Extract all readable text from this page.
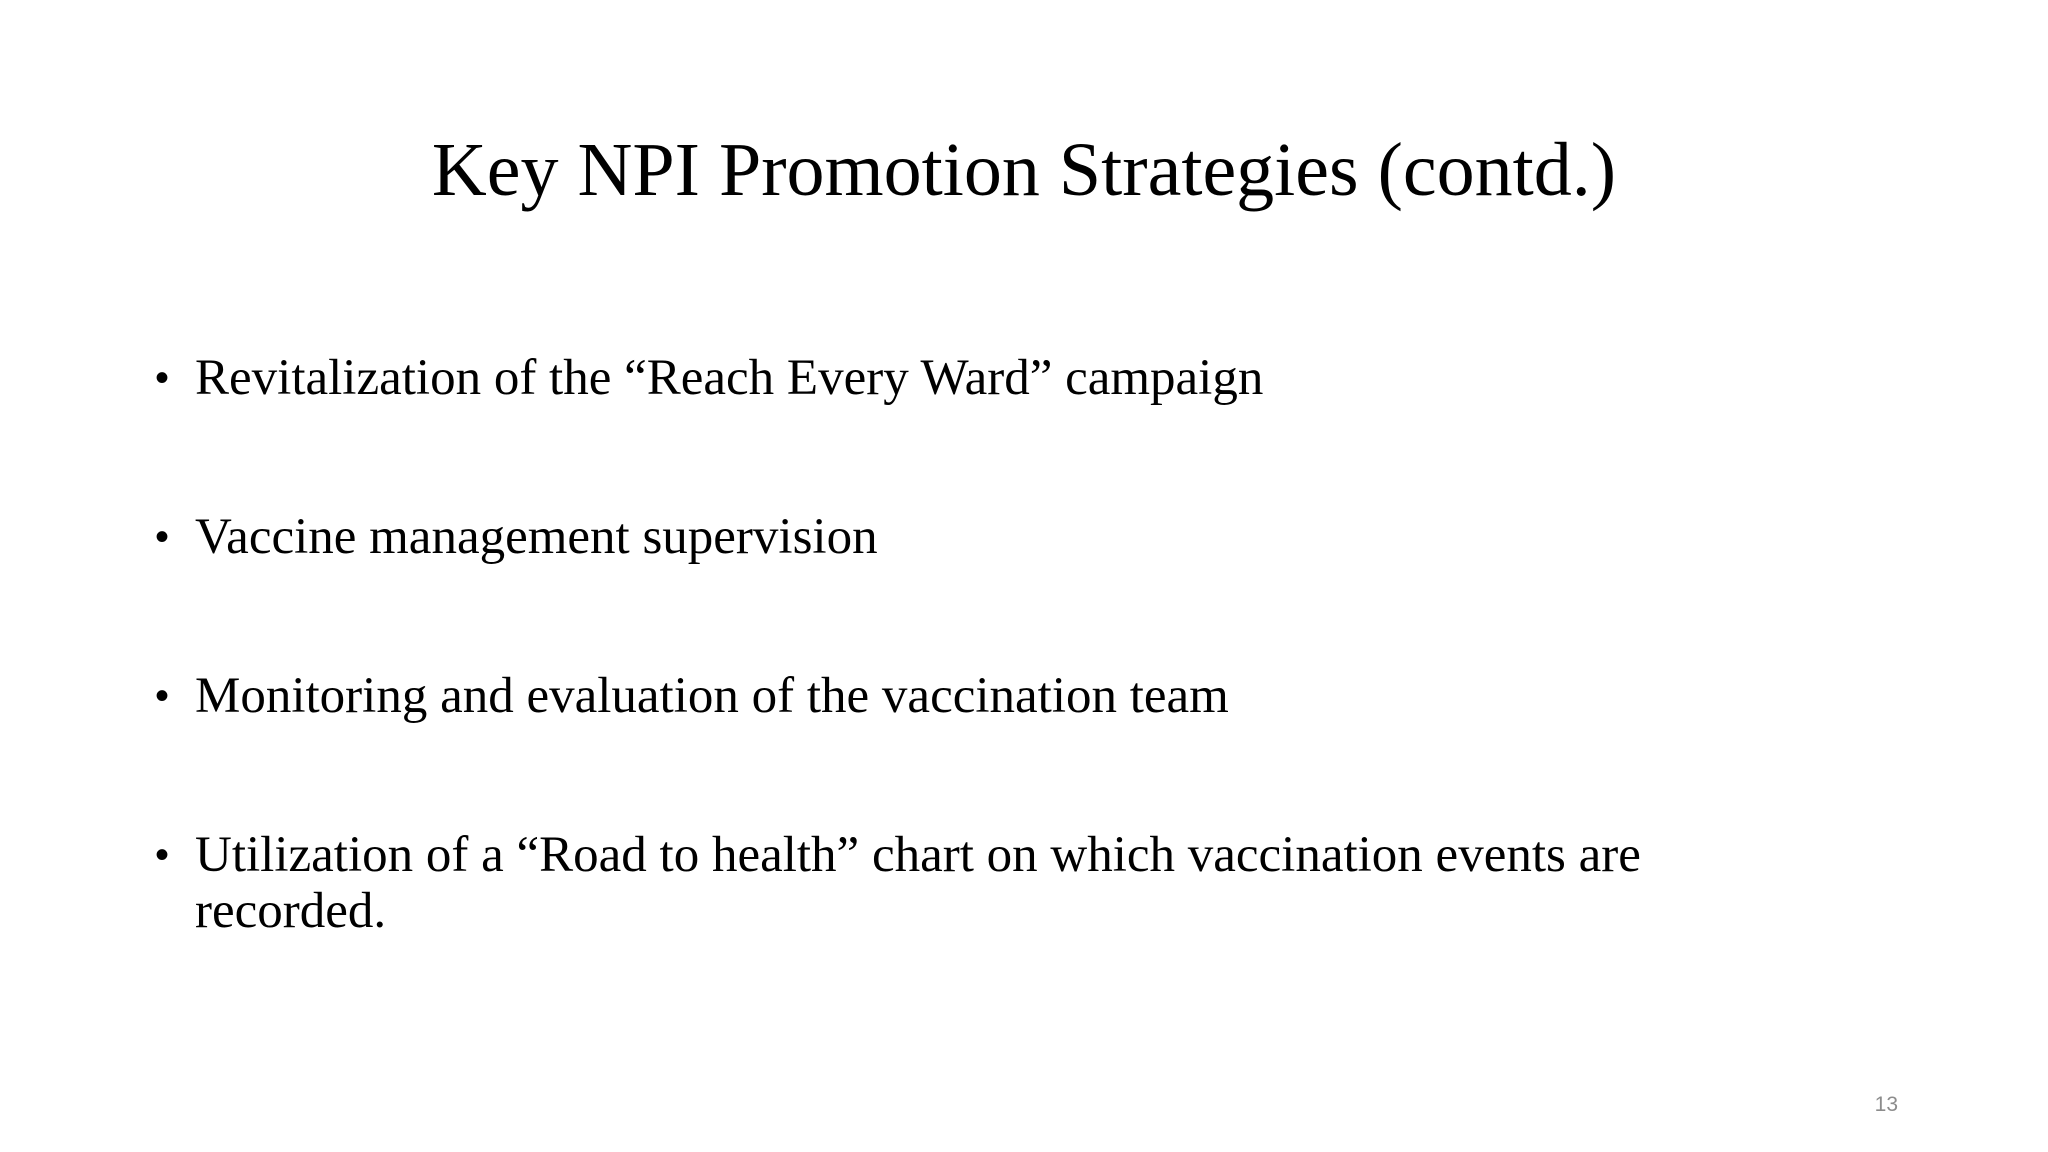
Key NPI Promotion Strategies (contd.)
• Revitalization of the “Reach Every Ward” campaign
• Vaccine management supervision
• Monitoring and evaluation of the vaccination team
• Utilization of a “Road to health” chart on which vaccination events are recorded.
13
